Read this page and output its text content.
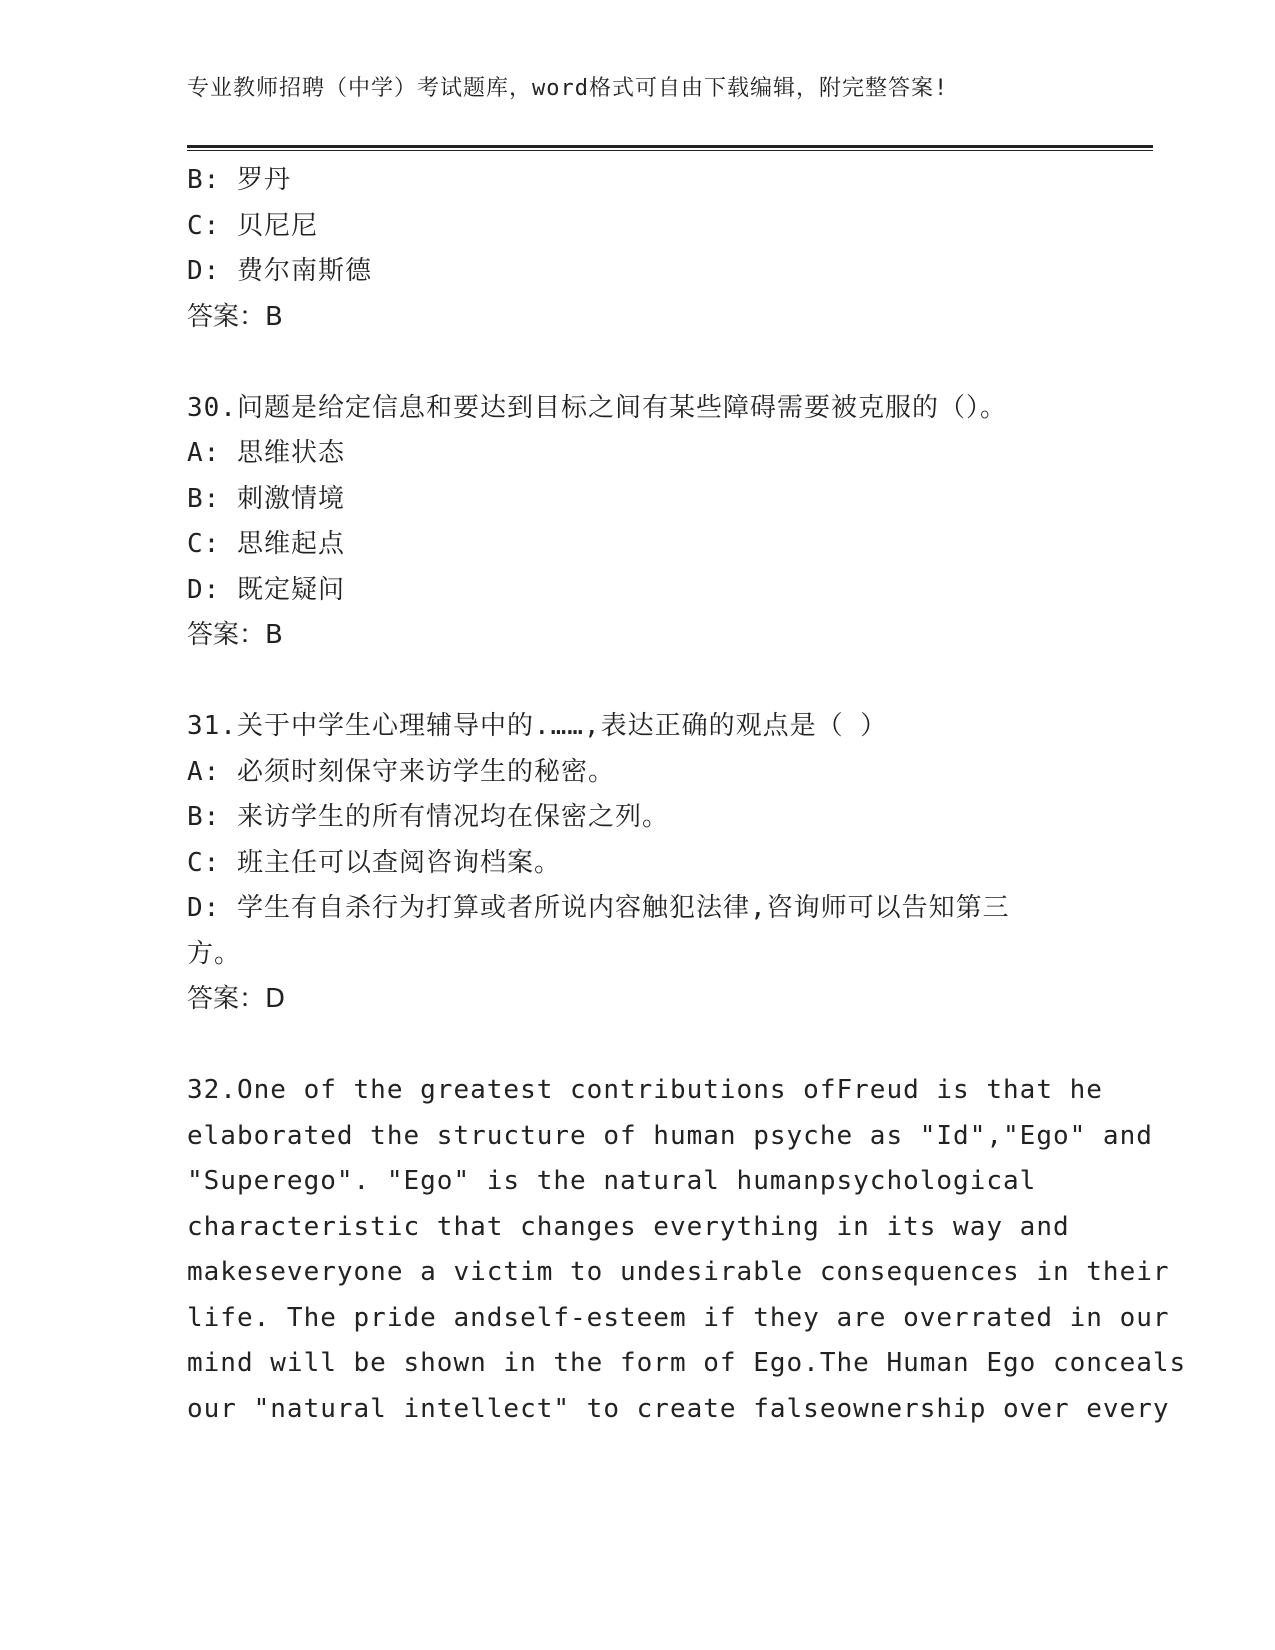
专业教师招聘（中学）考试题库，word格式可自由下载编辑，附完整答案!
B: 罗丹
C: 贝尼尼
D: 费尔南斯德
答案：B
30.问题是给定信息和要达到目标之间有某些障碍需要被克服的（）。
A: 思维状态
B: 刺激情境
C: 思维起点
D: 既定疑问
答案：B
31.关于中学生心理辅导中的.……,表达正确的观点是（ ）
A: 必须时刻保守来访学生的秘密。
B: 来访学生的所有情况均在保密之列。
C: 班主任可以查阅咨询档案。
D: 学生有自杀行为打算或者所说内容触犯法律,咨询师可以告知第三
方。
答案：D
32.One of the greatest contributions ofFreud is that he
elaborated the structure of human psyche as "Id","Ego" and
"Superego". "Ego" is the natural humanpsychological
characteristic that changes everything in its way and
makeseveryone a victim to undesirable consequences in their
life. The pride andself-esteem if they are overrated in our
mind will be shown in the form of Ego.The Human Ego conceals
our "natural intellect" to create falseownership over every
